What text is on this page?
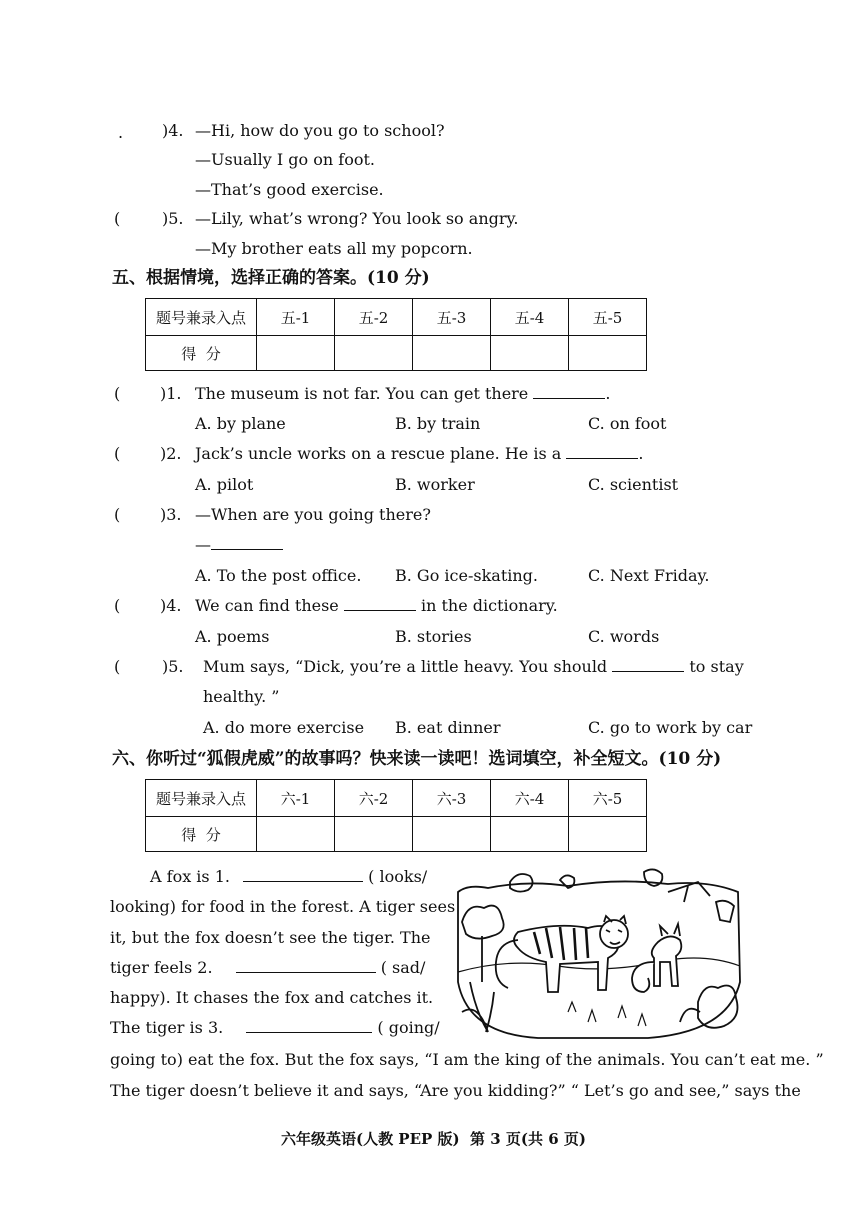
. )4. —Hi, how do you go to school?
—Usually I go on foot.
—That’s good exercise.
(	)5. —Lily, what’s wrong? You look so angry.
—My brother eats all my popcorn.
五、根据情境，选择正确的答案。(10 分)
题号兼录入点	五-1	五-2	五-3	五-4	五-5
得  分					
( )1. The museum is not far. You can get there	.
A. by plane	B. by train	C. on foot
( )2. Jack’s uncle works on a rescue plane. He is a	.
A. pilot	B. worker	C. scientist
( )3. —When are you going there?
—
A. To the post office. B. Go ice-skating.	C. Next Friday.
( )4. We can find these	in the dictionary.
A. poems	B. stories	C. words
(	)5. Mum says, “Dick, you’re a little heavy. You should	to stay
healthy. ”
A. do more exercise B. eat dinner	C. go to work by car
六、你听过“狐假虎威”的故事吗？快来读一读吧！选词填空，补全短文。(10 分)
题号兼录入点	六-1	六-2	六-3	六-4	六-5
得  分					
A fox is 1.	( looks/
looking) for food in the forest. A tiger sees
it, but the fox doesn’t see the tiger. The
tiger feels 2.	( sad/
happy). It chases the fox and catches it.
The tiger is 3.	( going/
going to) eat the fox. But the fox says, “I am the king of the animals. You can’t eat me. ”
The tiger doesn’t believe it and says, “Are you kidding?” “ Let’s go and see,” says the
六年级英语(人教 PEP 版)  第 3 页(共 6 页)
